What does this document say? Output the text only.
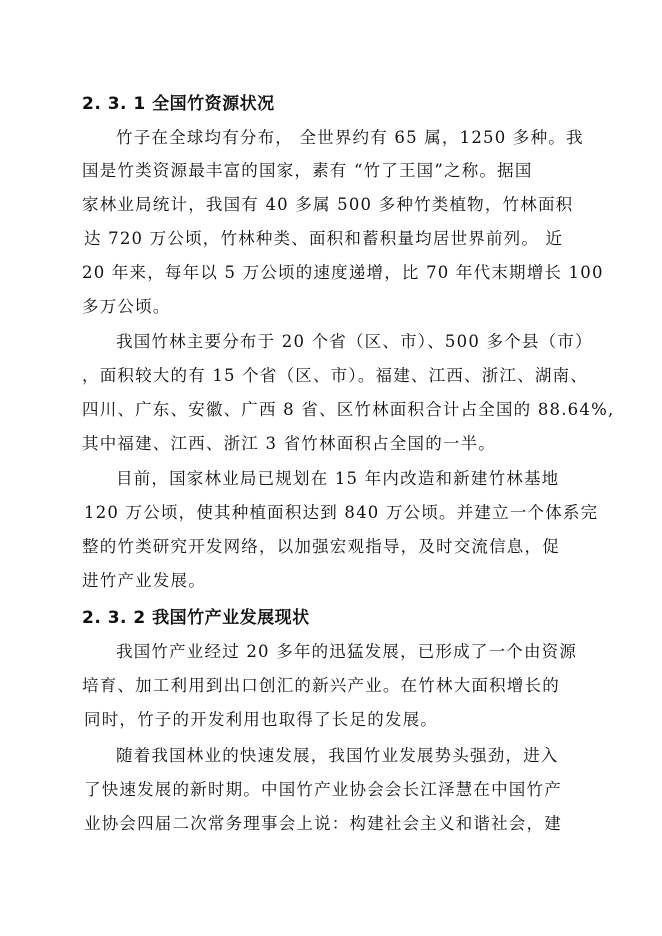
2. 3. 1 全国竹资源状况
竹子在全球均有分布， 全世界约有 65 属，1250 多种。我
国是竹类资源最丰富的国家，素有 “竹了王国”之称。据国
家林业局统计，我国有 40 多属 500 多种竹类植物，竹林面积
达 720 万公顷，竹林种类、面积和蓄积量均居世界前列。 近
20 年来，每年以 5 万公顷的速度递增，比 70 年代末期增长 100
多万公顷。
我国竹林主要分布于 20 个省（区、市）、500 多个县（市）
，面积较大的有 15 个省（区、市）。福建、江西、浙江、湖南、
四川、广东、安徽、广西 8 省、区竹林面积合计占全国的 88.64%,
其中福建、江西、浙江 3 省竹林面积占全国的一半。
目前，国家林业局已规划在 15 年内改造和新建竹林基地
120 万公顷，使其种植面积达到 840 万公顷。并建立一个体系完
整的竹类研究开发网络，以加强宏观指导，及时交流信息，促
进竹产业发展。
2. 3. 2 我国竹产业发展现状
我国竹产业经过 20 多年的迅猛发展，已形成了一个由资源
培育、加工利用到出口创汇的新兴产业。在竹林大面积增长的
同时，竹子的开发利用也取得了长足的发展。
随着我国林业的快速发展，我国竹业发展势头强劲，进入
了快速发展的新时期。中国竹产业协会会长江泽慧在中国竹产
业协会四届二次常务理事会上说：构建社会主义和谐社会，建
